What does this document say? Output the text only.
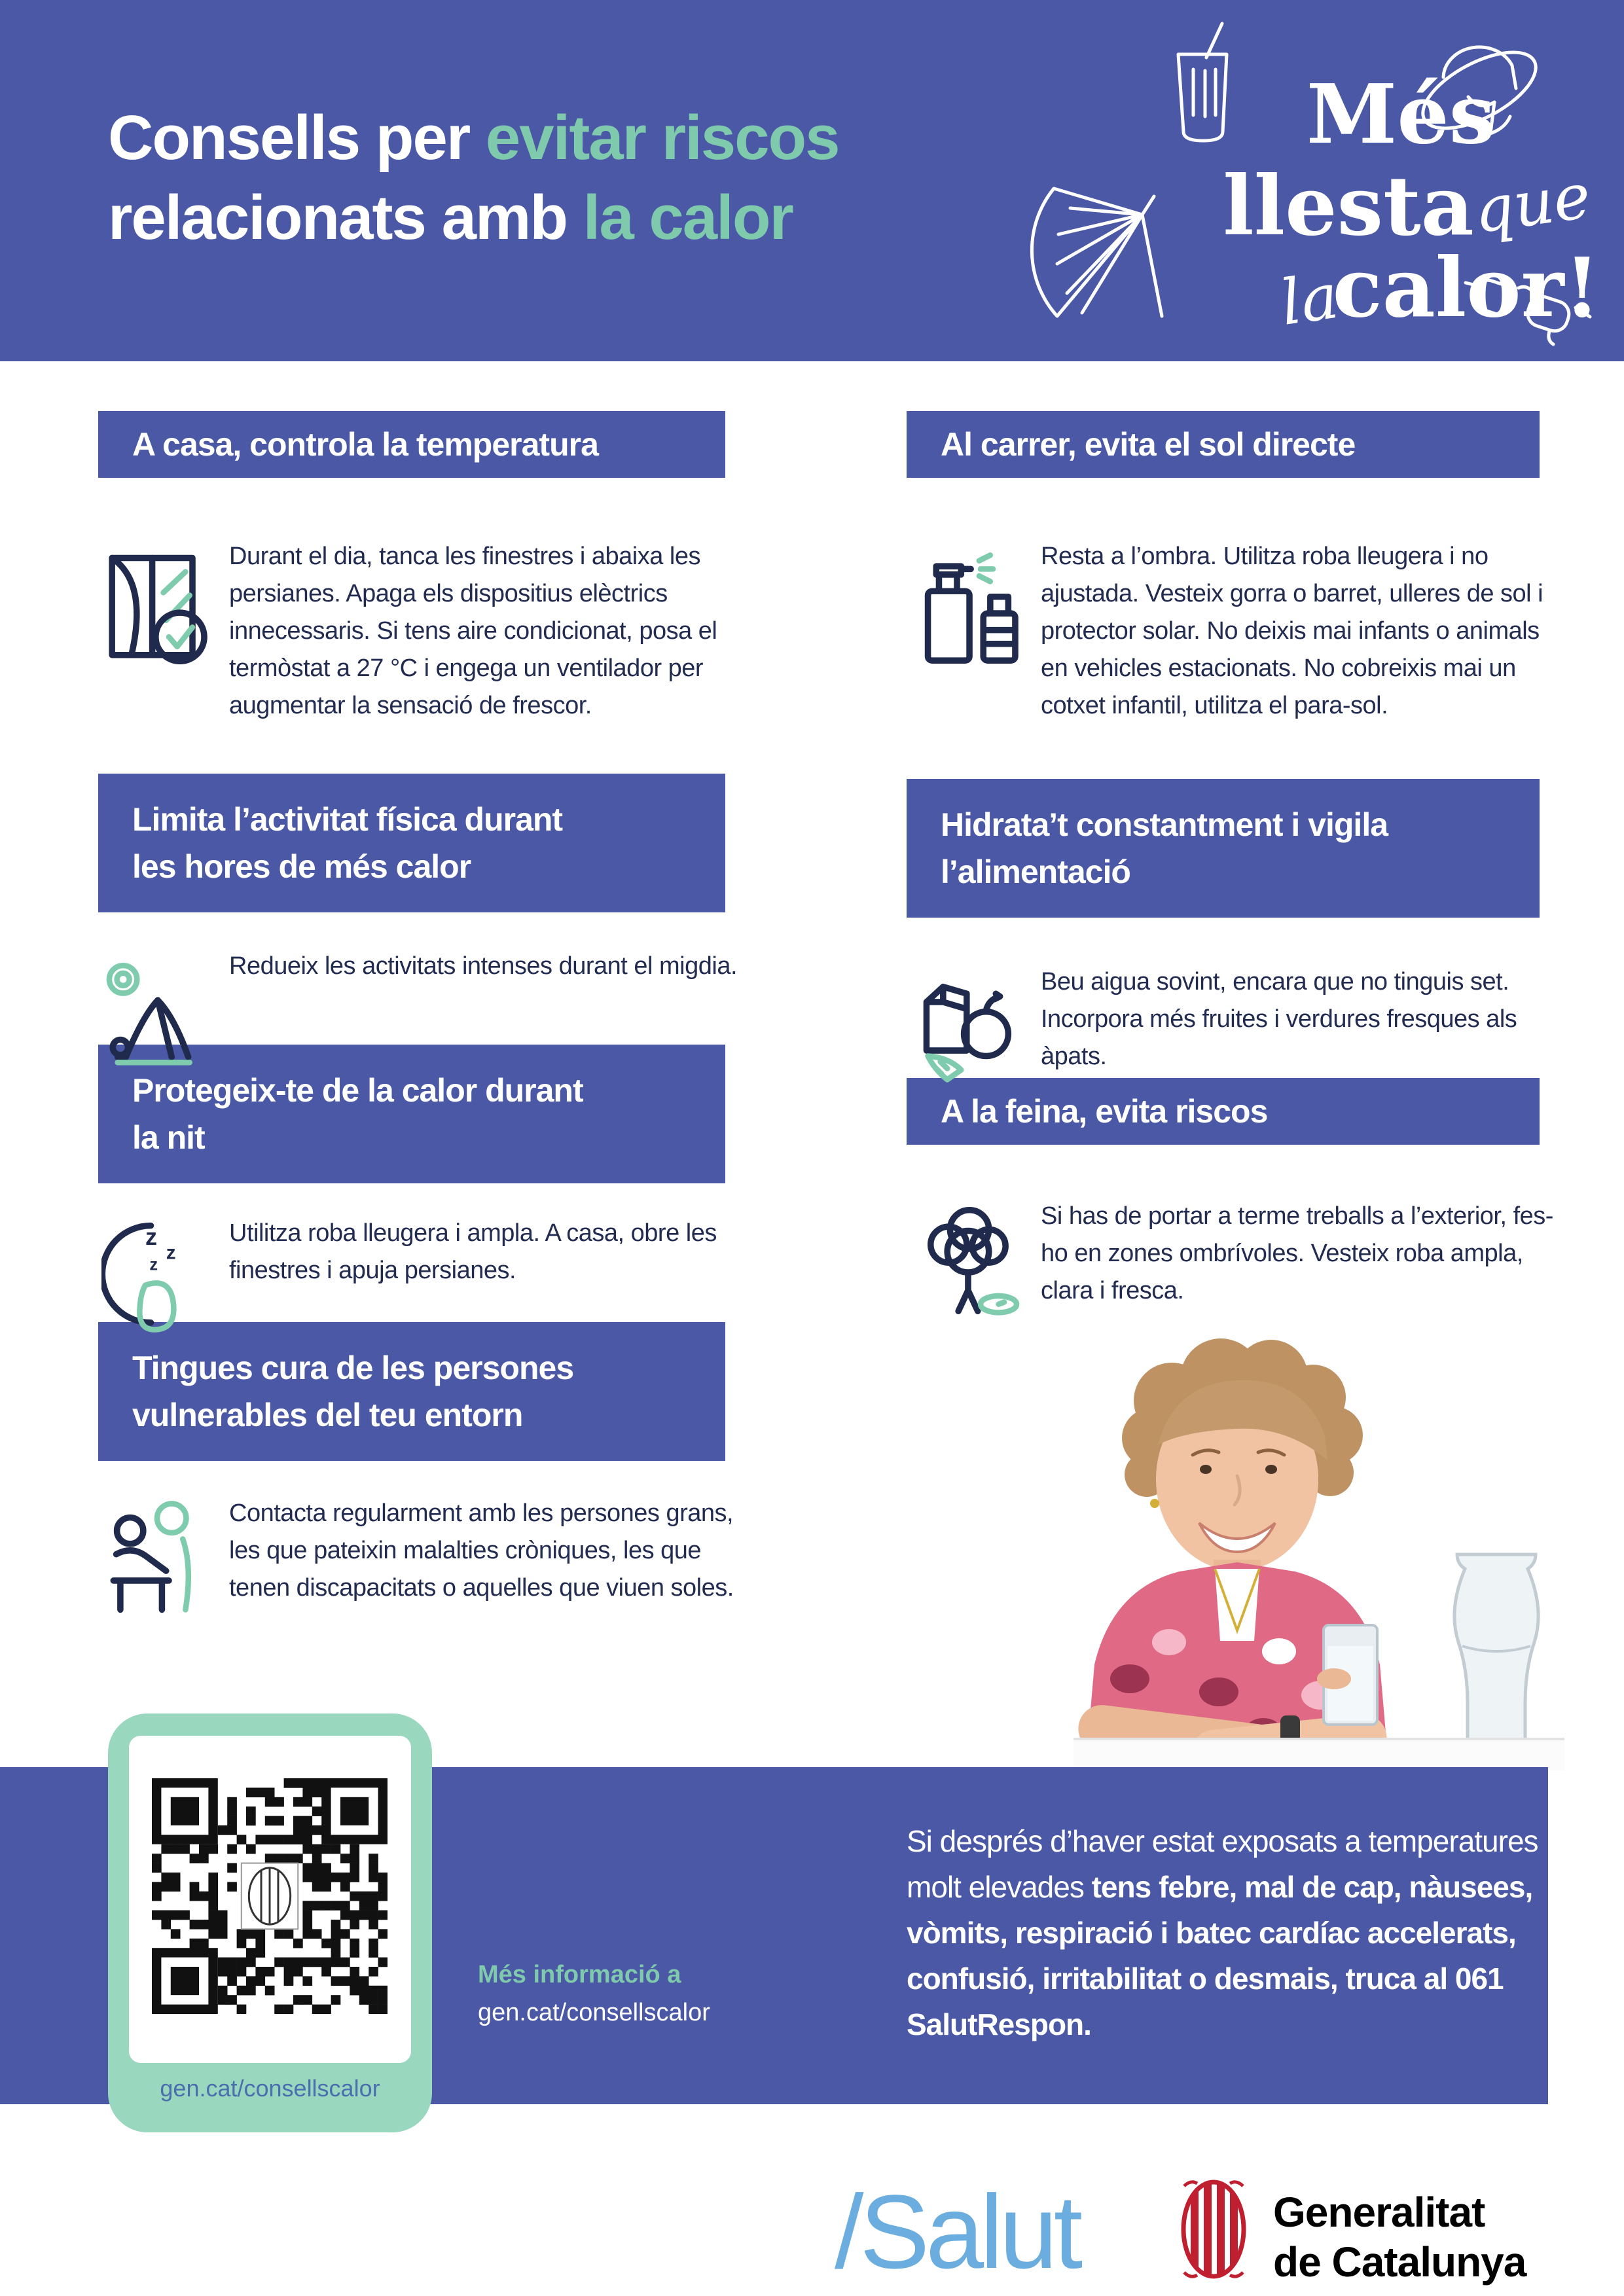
Consells per evitar riscos
relacionats amb la calor
Més
llesta
que
la
calor!
A casa, controla la temperatura
Limita l’activitat física durant
les hores de més calor
Protegeix-te de la calor durant
la nit
Tingues cura de les persones
vulnerables del teu entorn
Al carrer, evita el sol directe
Hidrata’t constantment i vigila
l’alimentació
A la feina, evita riscos

Durant el dia, tanca les finestres i abaixa les persianes. Apaga els dispositius elèctrics innecessaris. Si tens aire condicionat, posa el termòstat a 27 °C i engega un ventilador per augmentar la sensació de frescor.

Redueix les activitats intenses durant el migdia.

z
z
z

Utilitza roba lleugera i ampla. A casa, obre les finestres i apuja persianes.

Contacta regularment amb les persones grans, les que pateixin malalties cròniques, les que tenen discapacitats o aquelles que viuen soles.

Resta a l’ombra. Utilitza roba lleugera i no ajustada. Vesteix gorra o barret, ulleres de sol i protector solar. No deixis mai infants o animals en vehicles estacionats. No cobreixis mai un cotxet infantil, utilitza el para-sol.

Beu aigua sovint, encara que no tinguis set. Incorpora més fruites i verdures fresques als àpats.

Si has de portar a terme treballs a l’exterior, fes-ho en zones ombrívoles. Vesteix roba ampla, clara i fresca.

Si després d’haver estat exposats a temperatures molt elevades tens febre, mal de cap, nàusees, vòmits, respiració i batec cardíac accelerats, confusió, irritabilitat o desmais, truca al 061 SalutRespon.
Més informació a
gen.cat/consellscalor
gen.cat/consellscalor
/Salut	Generalitat
de Catalunya
